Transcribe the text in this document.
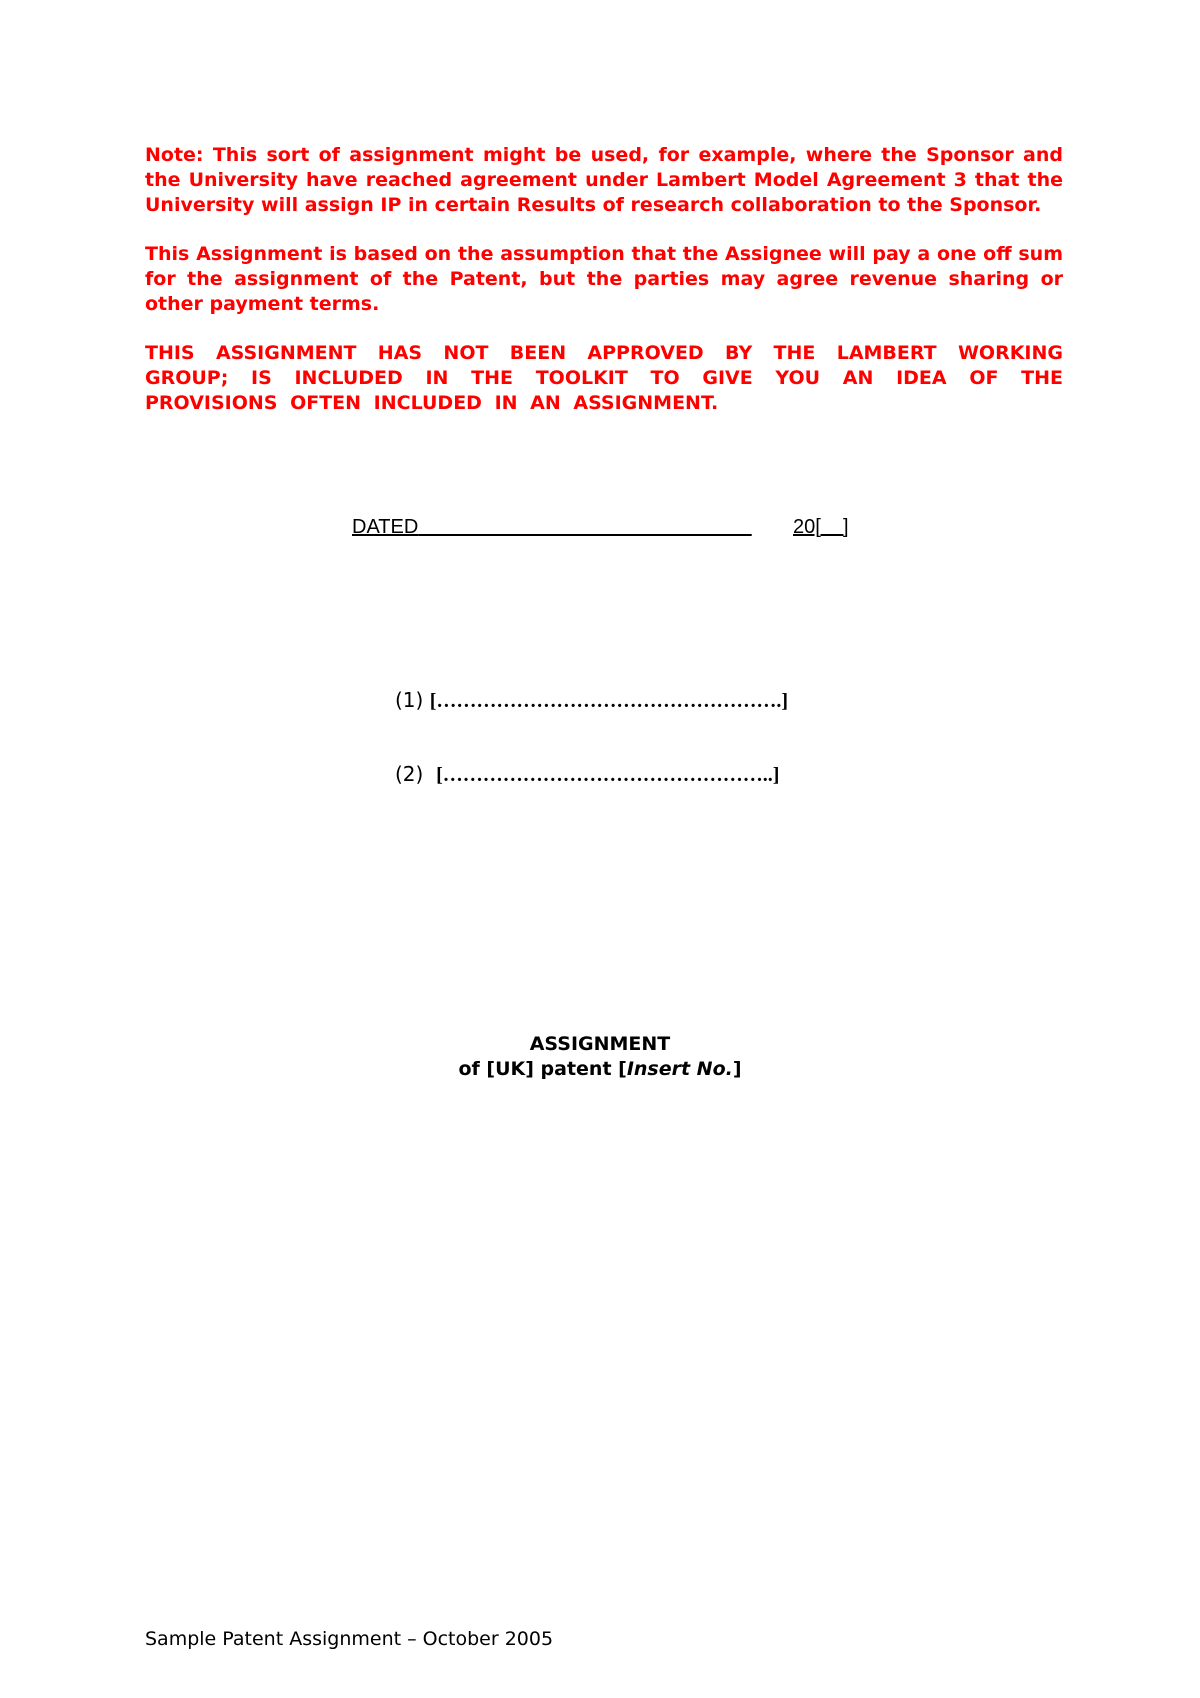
Note: This sort of assignment might be used, for example, where the Sponsor and the University have reached agreement under Lambert Model Agreement 3 that the University will assign IP in certain Results of research collaboration to the Sponsor.

This Assignment is based on the assumption that the Assignee will pay a one off sum for the assignment of the Patent, but the parties may agree revenue sharing or other payment terms.

THIS ASSIGNMENT HAS NOT BEEN APPROVED BY THE LAMBERT WORKING GROUP; IS INCLUDED IN THE TOOLKIT TO GIVE YOU AN IDEA OF THE PROVISIONS OFTEN INCLUDED IN AN ASSIGNMENT.

DATED	20[    ]
(1) […………………………………………….]
(2) […………………………………………..]
ASSIGNMENT
of [UK] patent [Insert No.]
Sample Patent Assignment – October 2005
